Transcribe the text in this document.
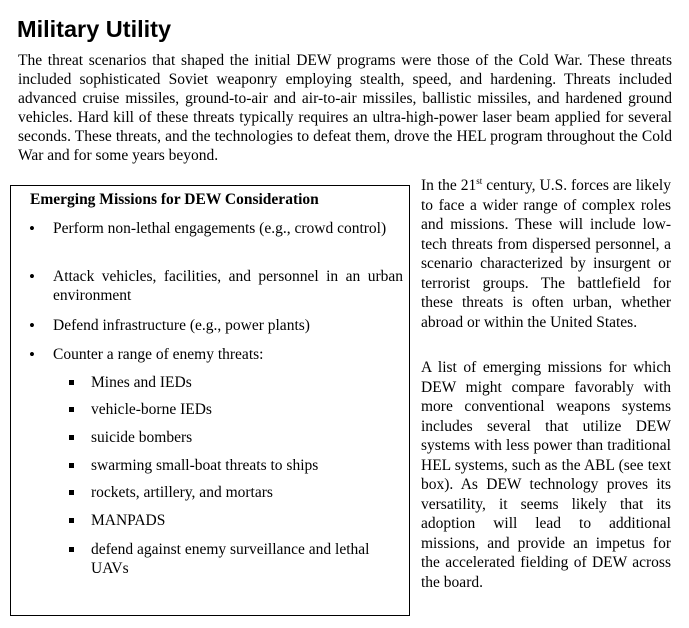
Military Utility

The threat scenarios that shaped the initial DEW programs were those of the Cold War. These threats included sophisticated Soviet weaponry employing stealth, speed, and hardening. Threats included advanced cruise missiles, ground-to-air and air-to-air missiles, ballistic missiles, and hardened ground vehicles. Hard kill of these threats typically requires an ultra-high-power laser beam applied for several seconds. These threats, and the technologies to defeat them, drove the HEL program throughout the Cold War and for some years beyond.

Emerging Missions for DEW Consideration
• Perform non-lethal engagements (e.g., crowd control)
• Attack vehicles, facilities, and personnel in an urban environment
• Defend infrastructure (e.g., power plants)
• Counter a range of enemy threats:
Mines and IEDs
vehicle-borne IEDs
suicide bombers
swarming small-boat threats to ships
rockets, artillery, and mortars
MANPADS
defend against enemy surveillance and lethal UAVs

In the 21st century, U.S. forces are likely to face a wider range of complex roles and missions. These will include low-tech threats from dispersed personnel, a scenario characterized by insurgent or terrorist groups. The battlefield for these threats is often urban, whether abroad or within the United States.

A list of emerging missions for which DEW might compare favorably with more conventional weapons systems includes several that utilize DEW systems with less power than traditional HEL systems, such as the ABL (see text box). As DEW technology proves its versatility, it seems likely that its adoption will lead to additional missions, and provide an impetus for the accelerated fielding of DEW across the board.
